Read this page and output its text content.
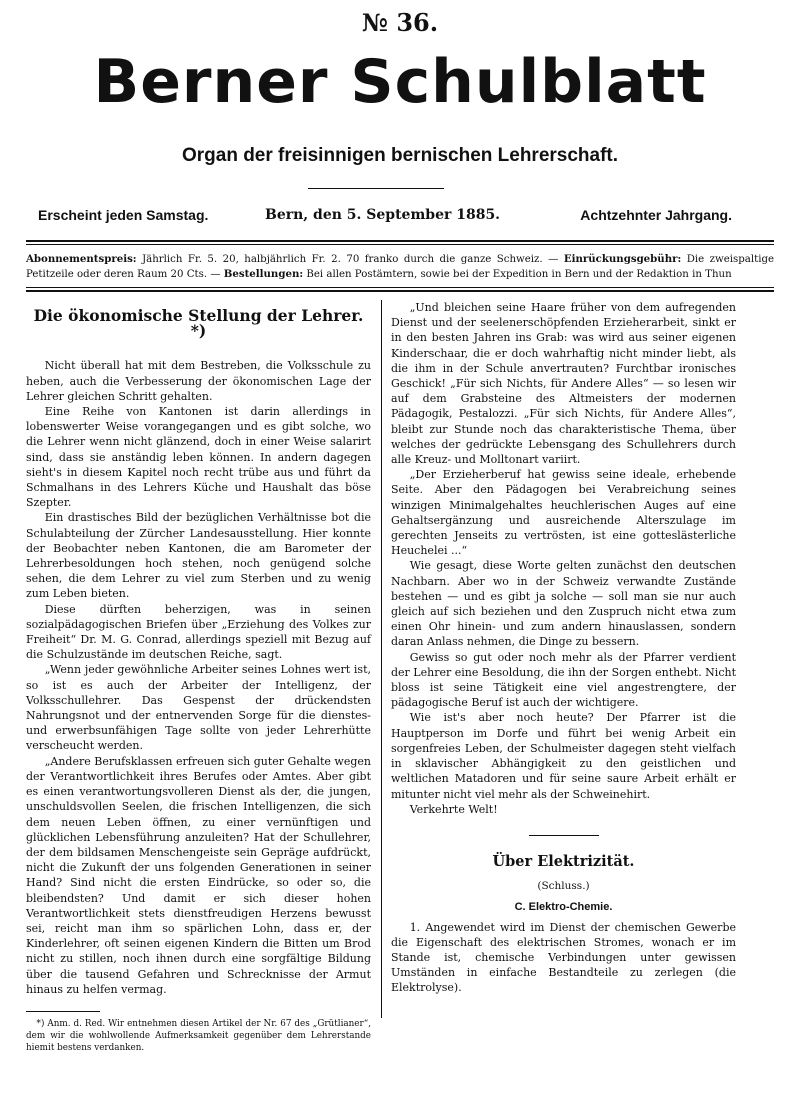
№ 36.
Berner Schulblatt
Organ der freisinnigen bernischen Lehrerschaft.
Erscheint jeden Samstag.	Bern, den 5. September 1885.	Achtzehnter Jahrgang.
Abonnementspreis: Jährlich Fr. 5. 20, halbjährlich Fr. 2. 70 franko durch die ganze Schweiz. — Einrückungsgebühr: Die zweispaltige Petitzeile oder deren Raum 20 Cts. — Bestellungen: Bei allen Postämtern, sowie bei der Expedition in Bern und der Redaktion in Thun
Die ökonomische Stellung der Lehrer. *)

Nicht überall hat mit dem Bestreben, die Volksschule zu heben, auch die Verbesserung der ökonomischen Lage der Lehrer gleichen Schritt gehalten.

Eine Reihe von Kantonen ist darin allerdings in lobenswerter Weise vorangegangen und es gibt solche, wo die Lehrer wenn nicht glänzend, doch in einer Weise salarirt sind, dass sie anständig leben können. In andern dagegen sieht's in diesem Kapitel noch recht trübe aus und führt da Schmalhans in des Lehrers Küche und Haushalt das böse Szepter.

Ein drastisches Bild der bezüglichen Verhältnisse bot die Schulabteilung der Zürcher Landesausstellung. Hier konnte der Beobachter neben Kantonen, die am Barometer der Lehrerbesoldungen hoch stehen, noch genügend solche sehen, die dem Lehrer zu viel zum Sterben und zu wenig zum Leben bieten.

Diese dürften beherzigen, was in seinen sozialpädagogischen Briefen über „Erziehung des Volkes zur Freiheit“ Dr. M. G. Conrad, allerdings speziell mit Bezug auf die Schulzustände im deutschen Reiche, sagt.

„Wenn jeder gewöhnliche Arbeiter seines Lohnes wert ist, so ist es auch der Arbeiter der Intelligenz, der Volksschullehrer. Das Gespenst der drückendsten Nahrungsnot und der entnervenden Sorge für die dienstes- und erwerbsunfähigen Tage sollte von jeder Lehrerhütte verscheucht werden.

„Andere Berufsklassen erfreuen sich guter Gehalte wegen der Verantwortlichkeit ihres Berufes oder Amtes. Aber gibt es einen verantwortungsvolleren Dienst als der, die jungen, unschuldsvollen Seelen, die frischen Intelligenzen, die sich dem neuen Leben öffnen, zu einer vernünftigen und glücklichen Lebensführung anzuleiten? Hat der Schullehrer, der dem bildsamen Menschengeiste sein Gepräge aufdrückt, nicht die Zukunft der uns folgenden Generationen in seiner Hand? Sind nicht die ersten Eindrücke, so oder so, die bleibendsten? Und damit er sich dieser hohen Verantwortlichkeit stets dienstfreudigen Herzens bewusst sei, reicht man ihm so spärlichen Lohn, dass er, der Kinderlehrer, oft seinen eigenen Kindern die Bitten um Brod nicht zu stillen, noch ihnen durch eine sorgfältige Bildung über die tausend Gefahren und Schrecknisse der Armut hinaus zu helfen vermag.

*) Anm. d. Red. Wir entnehmen diesen Artikel der Nr. 67 des „Grütlianer“, dem wir die wohlwollende Aufmerksamkeit gegenüber dem Lehrerstande hiemit bestens verdanken.

„Und bleichen seine Haare früher von dem aufregenden Dienst und der seelenerschöpfenden Erzieherarbeit, sinkt er in den besten Jahren ins Grab: was wird aus seiner eigenen Kinderschaar, die er doch wahrhaftig nicht minder liebt, als die ihm in der Schule anvertrauten? Furchtbar ironisches Geschick! „Für sich Nichts, für Andere Alles“ — so lesen wir auf dem Grabsteine des Altmeisters der modernen Pädagogik, Pestalozzi. „Für sich Nichts, für Andere Alles“, bleibt zur Stunde noch das charakteristische Thema, über welches der gedrückte Lebensgang des Schullehrers durch alle Kreuz- und Molltonart variirt.

„Der Erzieherberuf hat gewiss seine ideale, erhebende Seite. Aber den Pädagogen bei Verabreichung seines winzigen Minimalgehaltes heuchlerischen Auges auf eine Gehaltsergänzung und ausreichende Alterszulage im gerechten Jenseits zu vertrösten, ist eine gotteslästerliche Heuchelei ...“

Wie gesagt, diese Worte gelten zunächst den deutschen Nachbarn. Aber wo in der Schweiz verwandte Zustände bestehen — und es gibt ja solche — soll man sie nur auch gleich auf sich beziehen und den Zuspruch nicht etwa zum einen Ohr hinein- und zum andern hinauslassen, sondern daran Anlass nehmen, die Dinge zu bessern.

Gewiss so gut oder noch mehr als der Pfarrer verdient der Lehrer eine Besoldung, die ihn der Sorgen enthebt. Nicht bloss ist seine Tätigkeit eine viel angestrengtere, der pädagogische Beruf ist auch der wichtigere.

Wie ist's aber noch heute? Der Pfarrer ist die Hauptperson im Dorfe und führt bei wenig Arbeit ein sorgenfreies Leben, der Schulmeister dagegen steht vielfach in sklavischer Abhängigkeit zu den geistlichen und weltlichen Matadoren und für seine saure Arbeit erhält er mitunter nicht viel mehr als der Schweinehirt.

Verkehrte Welt!

Über Elektrizität.
(Schluss.)
C. Elektro-Chemie.

1. Angewendet wird im Dienst der chemischen Gewerbe die Eigenschaft des elektrischen Stromes, wonach er im Stande ist, chemische Verbindungen unter gewissen Umständen in einfache Bestandteile zu zerlegen (die Elektrolyse).
